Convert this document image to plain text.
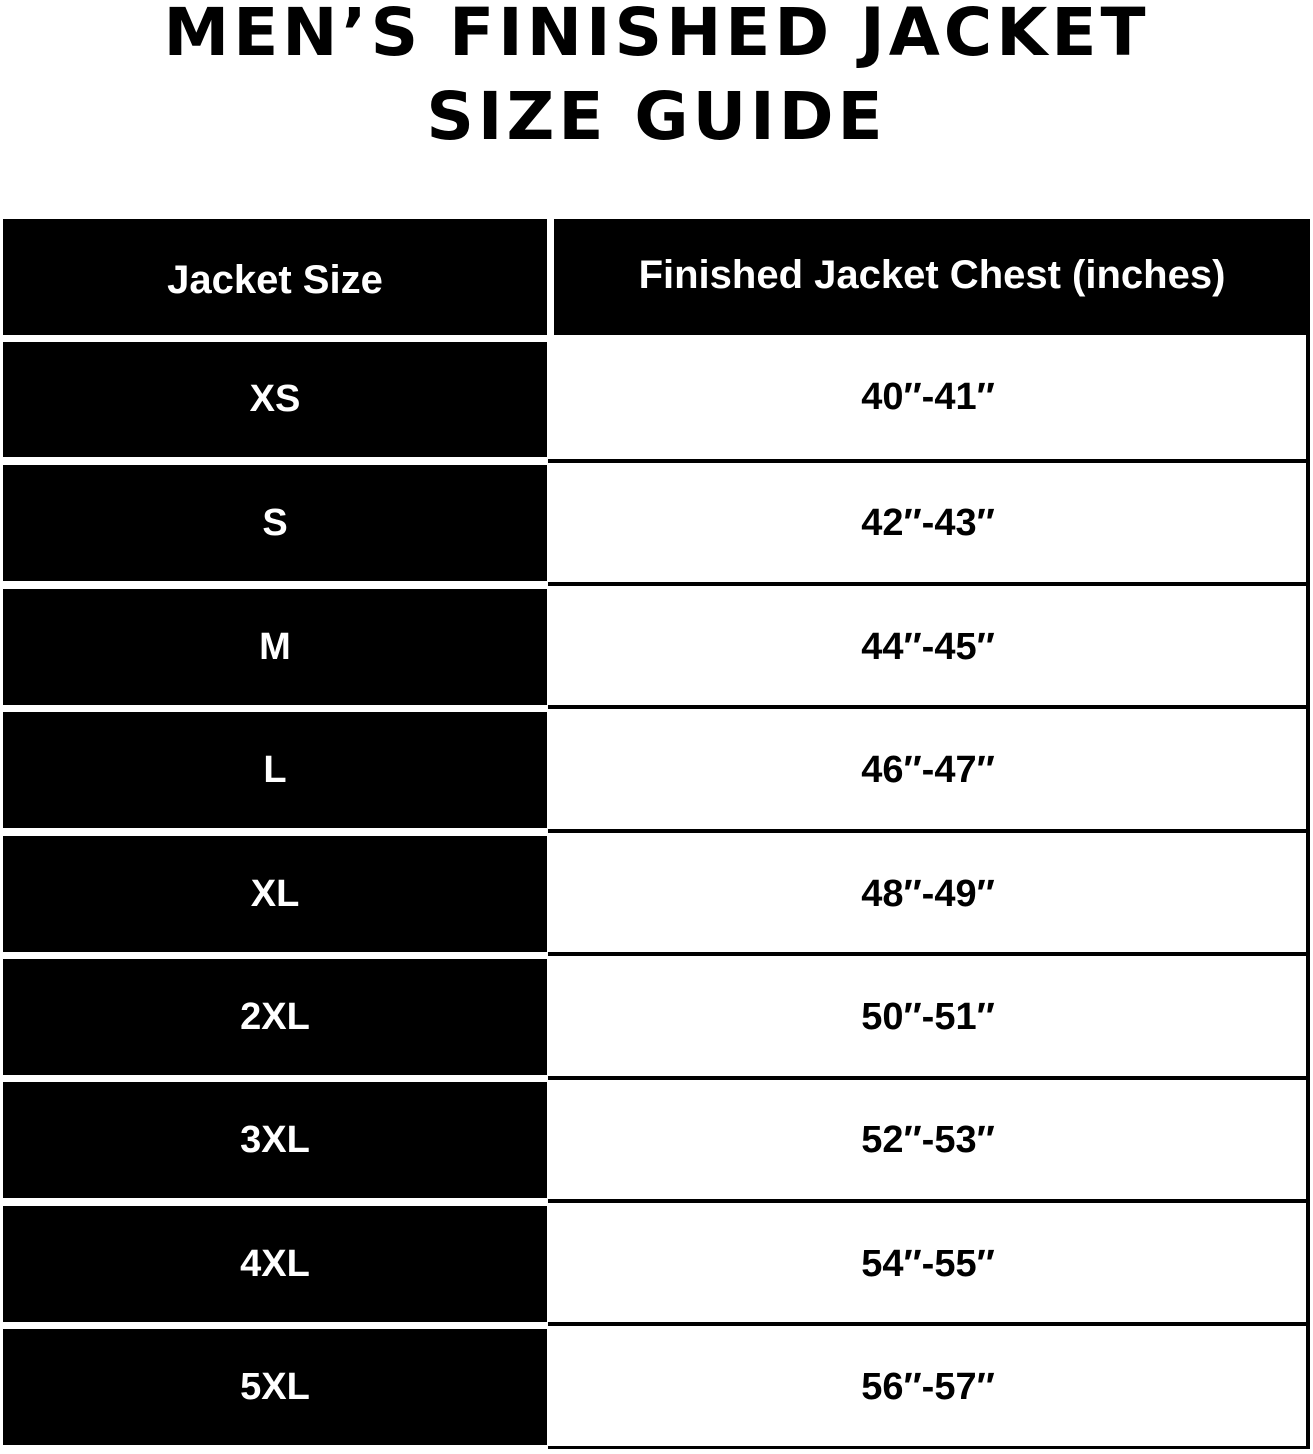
MEN’S FINISHED JACKET
SIZE GUIDE
Jacket Size	Finished Jacket Chest (inches)
XS	40″-41″
S	42″-43″
M	44″-45″
L	46″-47″
XL	48″-49″
2XL	50″-51″
3XL	52″-53″
4XL	54″-55″
5XL	56″-57″
